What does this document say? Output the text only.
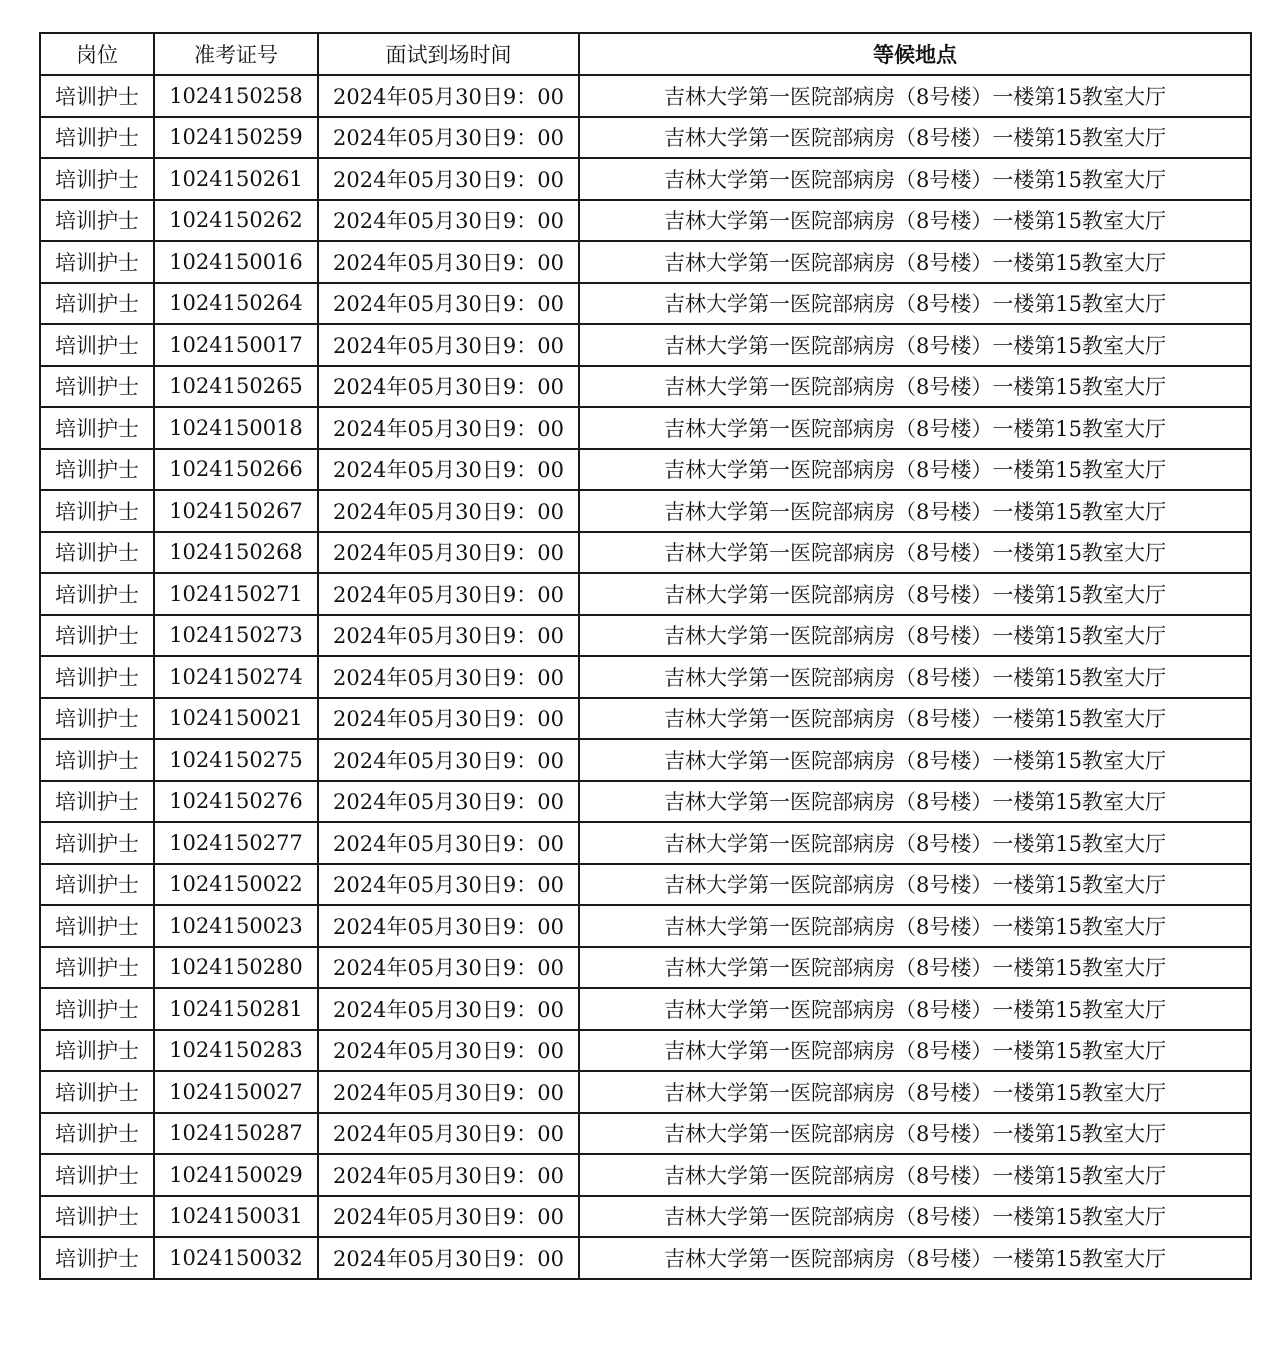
岗位	准考证号	面试到场时间	等候地点
培训护士	1024150258	2024年05月30日9：00	吉林大学第一医院部病房（8号楼）一楼第15教室大厅
培训护士	1024150259	2024年05月30日9：00	吉林大学第一医院部病房（8号楼）一楼第15教室大厅
培训护士	1024150261	2024年05月30日9：00	吉林大学第一医院部病房（8号楼）一楼第15教室大厅
培训护士	1024150262	2024年05月30日9：00	吉林大学第一医院部病房（8号楼）一楼第15教室大厅
培训护士	1024150016	2024年05月30日9：00	吉林大学第一医院部病房（8号楼）一楼第15教室大厅
培训护士	1024150264	2024年05月30日9：00	吉林大学第一医院部病房（8号楼）一楼第15教室大厅
培训护士	1024150017	2024年05月30日9：00	吉林大学第一医院部病房（8号楼）一楼第15教室大厅
培训护士	1024150265	2024年05月30日9：00	吉林大学第一医院部病房（8号楼）一楼第15教室大厅
培训护士	1024150018	2024年05月30日9：00	吉林大学第一医院部病房（8号楼）一楼第15教室大厅
培训护士	1024150266	2024年05月30日9：00	吉林大学第一医院部病房（8号楼）一楼第15教室大厅
培训护士	1024150267	2024年05月30日9：00	吉林大学第一医院部病房（8号楼）一楼第15教室大厅
培训护士	1024150268	2024年05月30日9：00	吉林大学第一医院部病房（8号楼）一楼第15教室大厅
培训护士	1024150271	2024年05月30日9：00	吉林大学第一医院部病房（8号楼）一楼第15教室大厅
培训护士	1024150273	2024年05月30日9：00	吉林大学第一医院部病房（8号楼）一楼第15教室大厅
培训护士	1024150274	2024年05月30日9：00	吉林大学第一医院部病房（8号楼）一楼第15教室大厅
培训护士	1024150021	2024年05月30日9：00	吉林大学第一医院部病房（8号楼）一楼第15教室大厅
培训护士	1024150275	2024年05月30日9：00	吉林大学第一医院部病房（8号楼）一楼第15教室大厅
培训护士	1024150276	2024年05月30日9：00	吉林大学第一医院部病房（8号楼）一楼第15教室大厅
培训护士	1024150277	2024年05月30日9：00	吉林大学第一医院部病房（8号楼）一楼第15教室大厅
培训护士	1024150022	2024年05月30日9：00	吉林大学第一医院部病房（8号楼）一楼第15教室大厅
培训护士	1024150023	2024年05月30日9：00	吉林大学第一医院部病房（8号楼）一楼第15教室大厅
培训护士	1024150280	2024年05月30日9：00	吉林大学第一医院部病房（8号楼）一楼第15教室大厅
培训护士	1024150281	2024年05月30日9：00	吉林大学第一医院部病房（8号楼）一楼第15教室大厅
培训护士	1024150283	2024年05月30日9：00	吉林大学第一医院部病房（8号楼）一楼第15教室大厅
培训护士	1024150027	2024年05月30日9：00	吉林大学第一医院部病房（8号楼）一楼第15教室大厅
培训护士	1024150287	2024年05月30日9：00	吉林大学第一医院部病房（8号楼）一楼第15教室大厅
培训护士	1024150029	2024年05月30日9：00	吉林大学第一医院部病房（8号楼）一楼第15教室大厅
培训护士	1024150031	2024年05月30日9：00	吉林大学第一医院部病房（8号楼）一楼第15教室大厅
培训护士	1024150032	2024年05月30日9：00	吉林大学第一医院部病房（8号楼）一楼第15教室大厅
